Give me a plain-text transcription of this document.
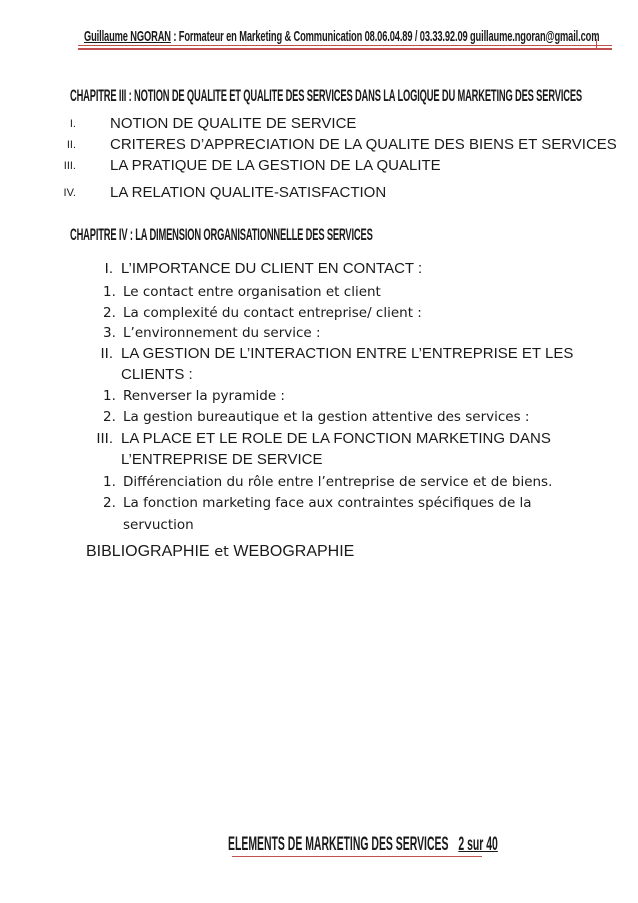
Guillaume NGORAN : Formateur en Marketing & Communication 08.06.04.89 / 03.33.92.09 guillaume.ngoran@gmail.com
CHAPITRE III : NOTION DE QUALITE ET QUALITE DES SERVICES DANS LA LOGIQUE DU MARKETING DES SERVICES
I. NOTION DE QUALITE DE SERVICE
II. CRITERES D’APPRECIATION DE LA QUALITE DES BIENS ET SERVICES
III. LA PRATIQUE DE LA GESTION DE LA QUALITE
IV. LA RELATION QUALITE-SATISFACTION
CHAPITRE IV : LA DIMENSION ORGANISATIONNELLE DES SERVICES
I. L’IMPORTANCE DU CLIENT EN CONTACT :
1. Le contact entre organisation et client
2. La complexité du contact entreprise/ client :
3. L’environnement du service :
II. LA GESTION DE L’INTERACTION ENTRE L’ENTREPRISE ET LES
CLIENTS :
1. Renverser la pyramide :
2. La gestion bureautique et la gestion attentive des services :
III. LA PLACE ET LE ROLE DE LA FONCTION MARKETING DANS
L’ENTREPRISE DE SERVICE
1. Différenciation du rôle entre l’entreprise de service et de biens.
2. La fonction marketing face aux contraintes spécifiques de la
servuction
BIBLIOGRAPHIE et WEBOGRAPHIE
ELEMENTS DE MARKETING DES SERVICES 2 sur 40
